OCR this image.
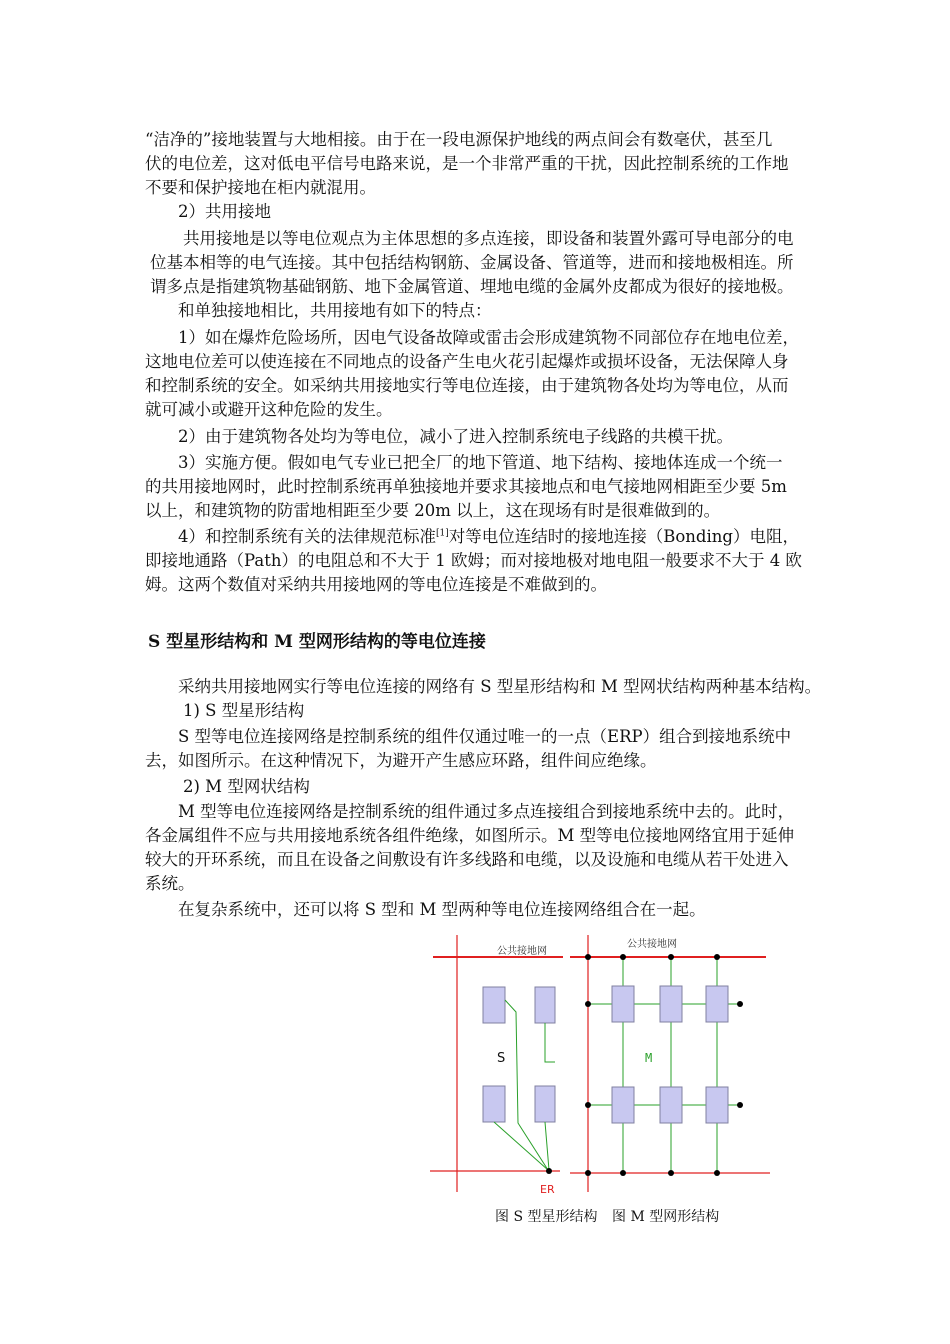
“洁净的”接地装置与大地相接。由于在一段电源保护地线的两点间会有数毫伏，甚至几
伏的电位差，这对低电平信号电路来说，是一个非常严重的干扰，因此控制系统的工作地
不要和保护接地在柜内就混用。
2）共用接地
共用接地是以等电位观点为主体思想的多点连接，即设备和装置外露可导电部分的电
位基本相等的电气连接。其中包括结构钢筋、金属设备、管道等，进而和接地极相连。所
谓多点是指建筑物基础钢筋、地下金属管道、埋地电缆的金属外皮都成为很好的接地极。
和单独接地相比，共用接地有如下的特点：
1）如在爆炸危险场所，因电气设备故障或雷击会形成建筑物不同部位存在地电位差，
这地电位差可以使连接在不同地点的设备产生电火花引起爆炸或损坏设备，无法保障人身
和控制系统的安全。如采纳共用接地实行等电位连接，由于建筑物各处均为等电位，从而
就可减小或避开这种危险的发生。
2）由于建筑物各处均为等电位，减小了进入控制系统电子线路的共模干扰。
3）实施方便。假如电气专业已把全厂的地下管道、地下结构、接地体连成一个统一
的共用接地网时，此时控制系统再单独接地并要求其接地点和电气接地网相距至少要 5m
以上，和建筑物的防雷地相距至少要 20m 以上，这在现场有时是很难做到的。
4）和控制系统有关的法律规范标准[1]对等电位连结时的接地连接（Bonding）电阻，
即接地通路（Path）的电阻总和不大于 1 欧姆；而对接地极对地电阻一般要求不大于 4 欧
姆。这两个数值对采纳共用接地网的等电位连接是不难做到的。
S 型星形结构和 M 型网形结构的等电位连接
采纳共用接地网实行等电位连接的网络有 S 型星形结构和 M 型网状结构两种基本结构。
1) S 型星形结构
S 型等电位连接网络是控制系统的组件仅通过唯一的一点（ERP）组合到接地系统中
去，如图所示。在这种情况下，为避开产生感应环路，组件间应绝缘。
2) M 型网状结构
M 型等电位连接网络是控制系统的组件通过多点连接组合到接地系统中去的。此时，
各金属组件不应与共用接地系统各组件绝缘，如图所示。M 型等电位接地网络宜用于延伸
较大的开环系统，而且在设备之间敷设有许多线路和电缆，以及设施和电缆从若干处进入
系统。
在复杂系统中，还可以将 S 型和 M 型两种等电位连接网络组合在一起。
公共接地网
S
ER
公共接地网
M
图 S 型星形结构 图 M 型网形结构
